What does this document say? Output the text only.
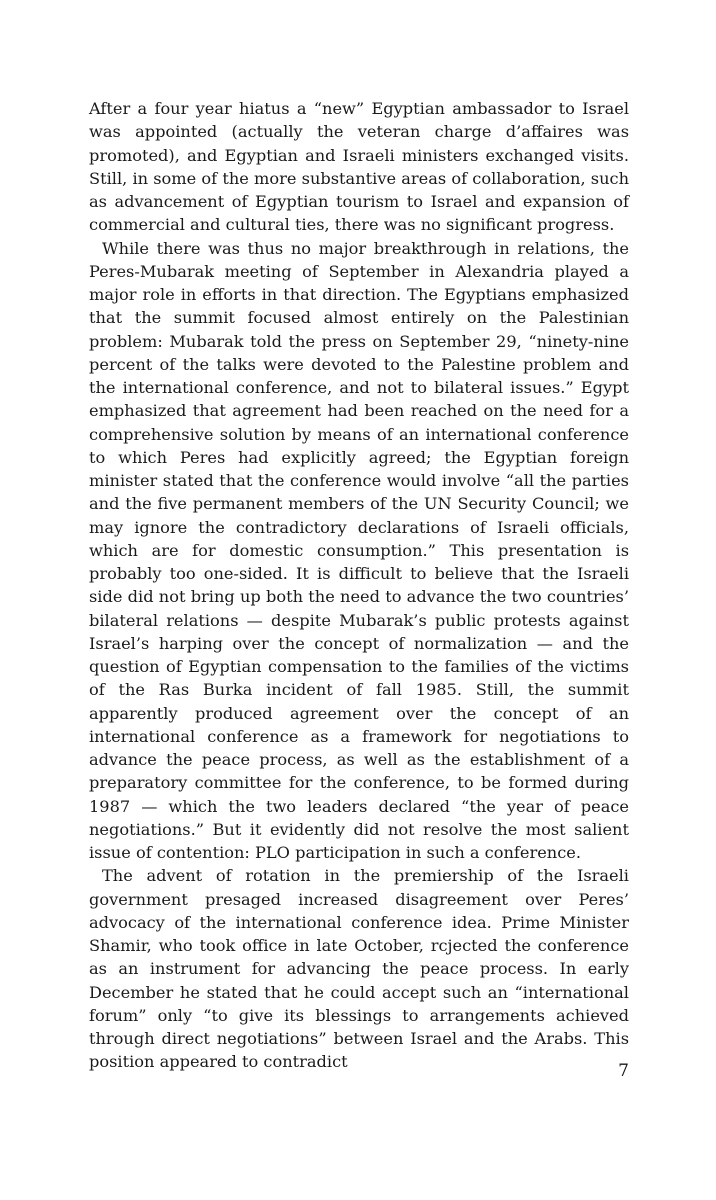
After a four year hiatus a “new” Egyptian ambassador to Israel was appointed (actually the veteran charge d’affaires was promoted), and Egyptian and Israeli ministers exchanged visits. Still, in some of the more substantive areas of collaboration, such as advancement of Egyptian tourism to Israel and expansion of commercial and cultural ties, there was no significant progress.

While there was thus no major breakthrough in relations, the Peres-Mubarak meeting of September in Alexandria played a major role in efforts in that direction. The Egyptians emphasized that the summit focused almost entirely on the Palestinian problem: Mubarak told the press on September 29, “ninety-nine percent of the talks were devoted to the Palestine problem and the international conference, and not to bilateral issues.” Egypt emphasized that agreement had been reached on the need for a comprehensive solution by means of an international conference to which Peres had explicitly agreed; the Egyptian foreign minister stated that the conference would involve “all the parties and the five permanent members of the UN Security Council; we may ignore the contradictory declarations of Israeli officials, which are for domestic consumption.” This presentation is probably too one-sided. It is difficult to believe that the Israeli side did not bring up both the need to advance the two countries’ bilateral relations — despite Mubarak’s public protests against Israel’s harping over the concept of normalization — and the question of Egyptian compensation to the families of the victims of the Ras Burka incident of fall 1985. Still, the summit apparently produced agreement over the concept of an international conference as a framework for negotiations to advance the peace process, as well as the establishment of a preparatory committee for the conference, to be formed during 1987 — which the two leaders declared “the year of peace negotiations.” But it evidently did not resolve the most salient issue of contention: PLO participation in such a conference.

The advent of rotation in the premiership of the Israeli government presaged increased disagreement over Peres’ advocacy of the international conference idea. Prime Minister Shamir, who took office in late October, rcjected the conference as an instrument for advancing the peace process. In early December he stated that he could accept such an “international forum” only “to give its blessings to arrangements achieved through direct negotiations” between Israel and the Arabs. This position appeared to contradict	7
